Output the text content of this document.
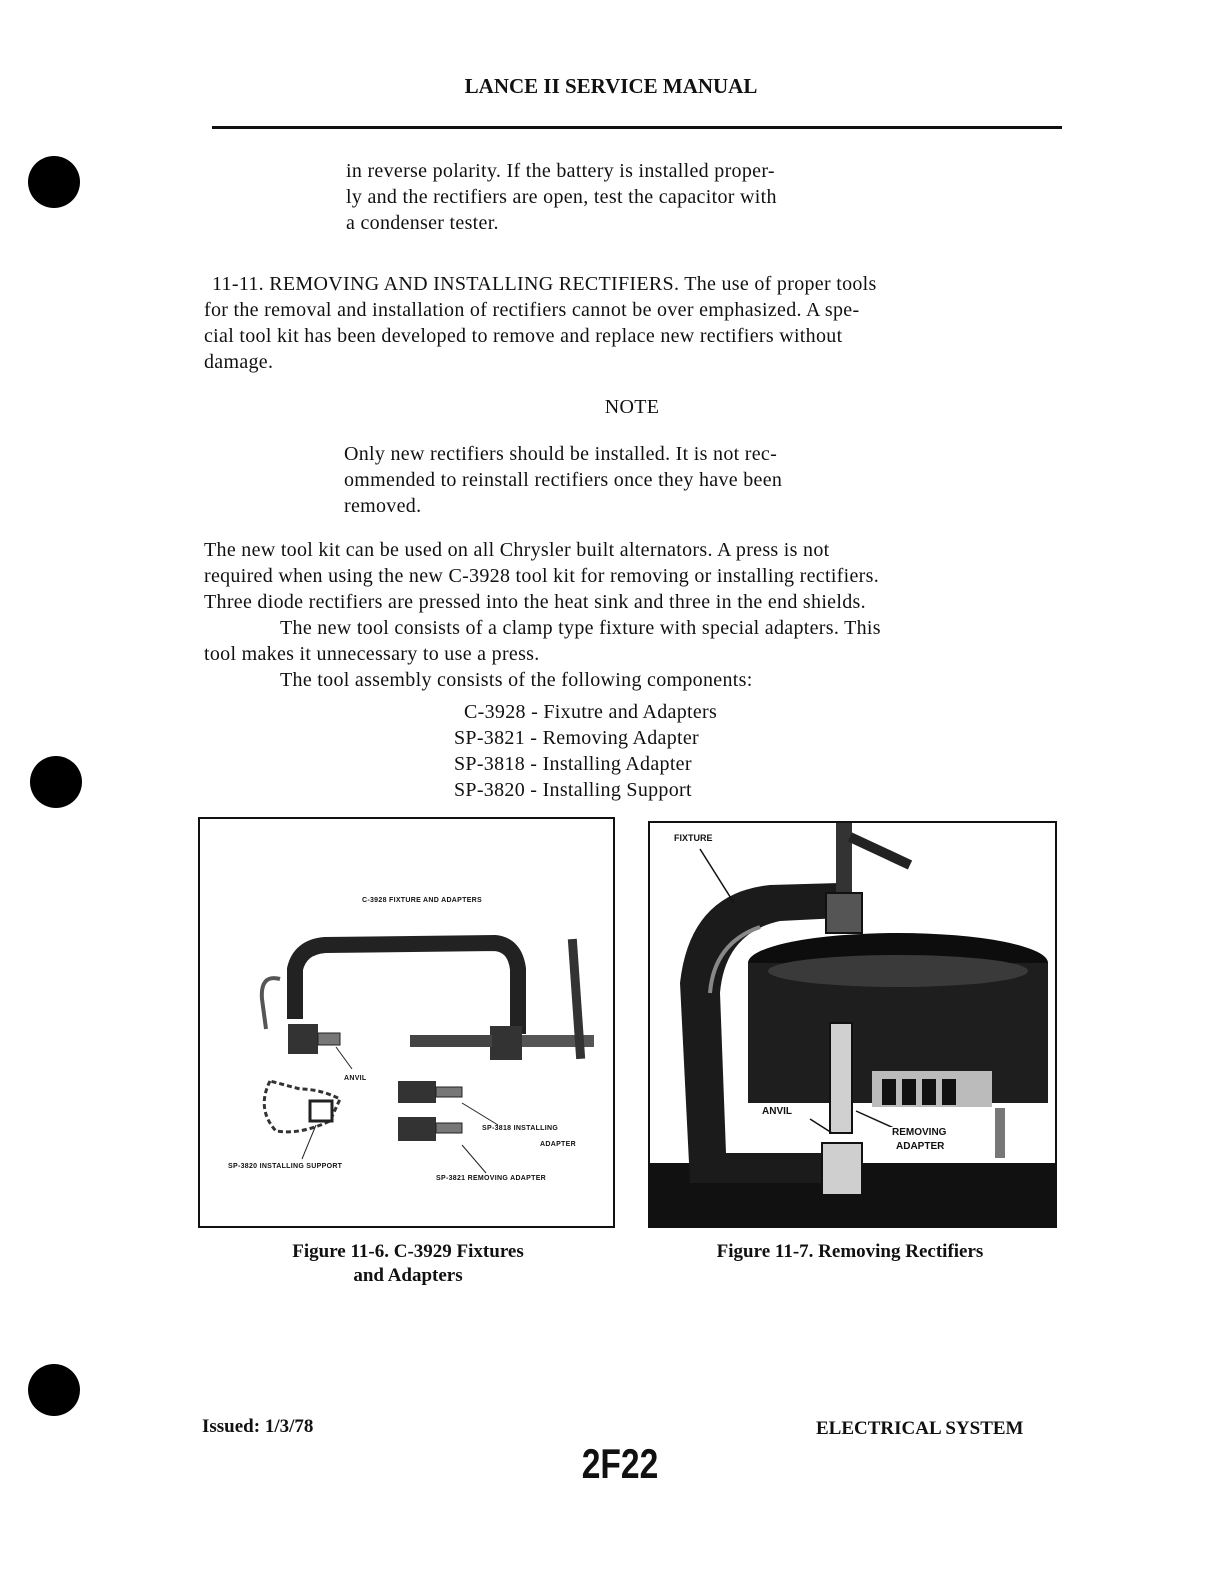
LANCE II SERVICE MANUAL
in reverse polarity. If the battery is installed proper-
ly and the rectifiers are open, test the capacitor with
a condenser tester.
11-11. REMOVING AND INSTALLING RECTIFIERS. The use of proper tools
for the removal and installation of rectifiers cannot be over emphasized. A spe-
cial tool kit has been developed to remove and replace new rectifiers without
damage.
NOTE
Only new rectifiers should be installed. It is not rec-
ommended to reinstall rectifiers once they have been
removed.
The new tool kit can be used on all Chrysler built alternators. A press is not
required when using the new C-3928 tool kit for removing or installing rectifiers.
Three diode rectifiers are pressed into the heat sink and three in the end shields.
The new tool consists of a clamp type fixture with special adapters. This
tool makes it unnecessary to use a press.
The tool assembly consists of the following components:
C-3928 - Fixutre and Adapters
SP-3821 - Removing Adapter
SP-3818 - Installing Adapter
SP-3820 - Installing Support
C-3928 FIXTURE AND ADAPTERS
ANVIL
SP-3818 INSTALLING
ADAPTER
SP-3820 INSTALLING SUPPORT
SP-3821 REMOVING ADAPTER
Figure 11-6. C-3929 Fixtures
and Adapters
FIXTURE
ANVIL
REMOVING
ADAPTER
Figure 11-7. Removing Rectifiers
Issued: 1/3/78	ELECTRICAL SYSTEM
2F22
